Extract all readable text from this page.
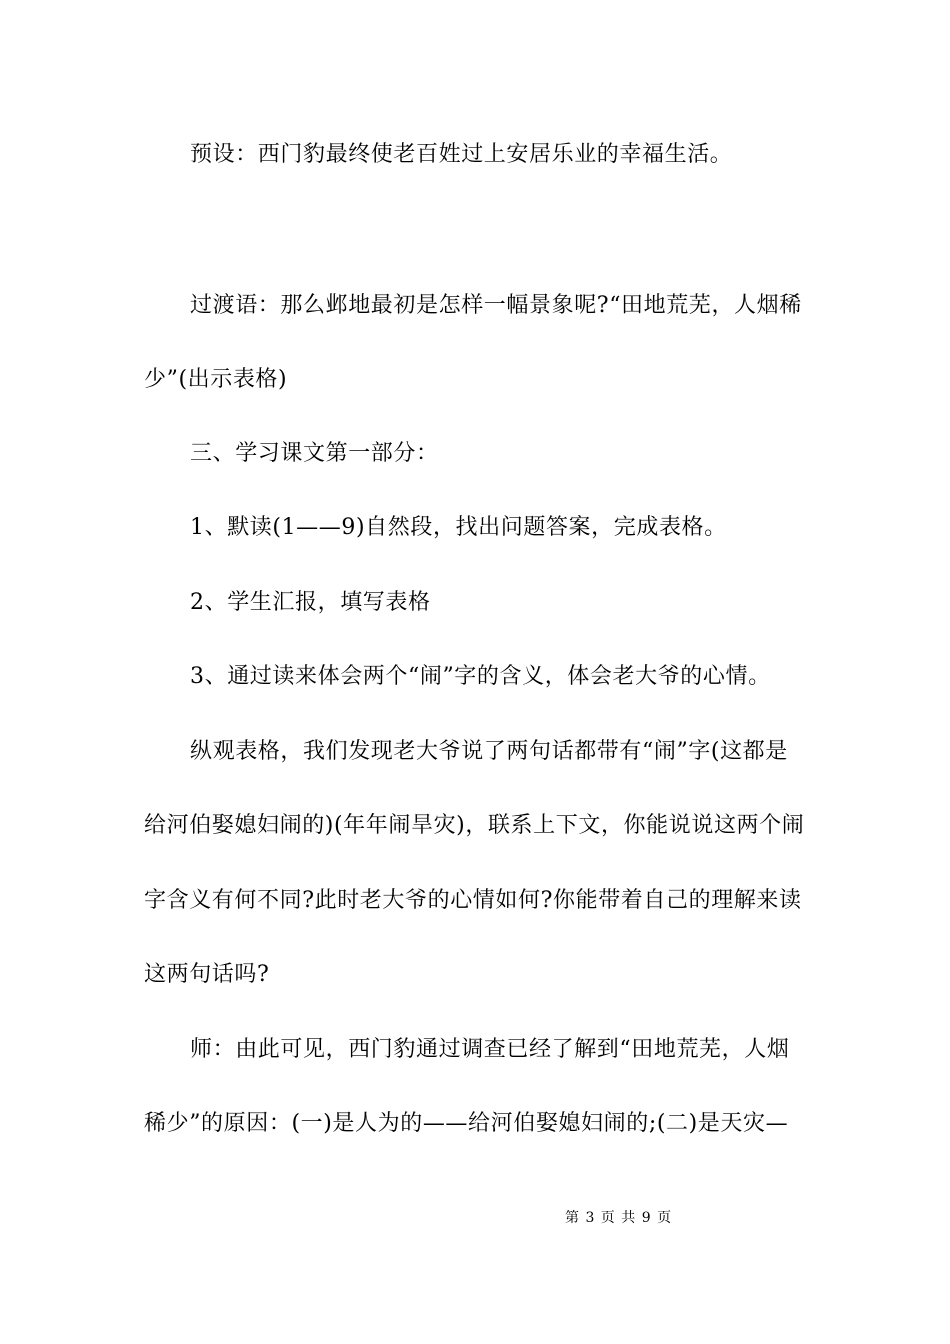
预设：西门豹最终使老百姓过上安居乐业的幸福生活。
过渡语：那么邺地最初是怎样一幅景象呢?“田地荒芜，人烟稀
少”(出示表格)
三、学习课文第一部分：
1、默读(1——9)自然段，找出问题答案，完成表格。
2、学生汇报，填写表格
3、通过读来体会两个“闹”字的含义，体会老大爷的心情。
纵观表格，我们发现老大爷说了两句话都带有“闹”字(这都是
给河伯娶媳妇闹的)(年年闹旱灾)，联系上下文，你能说说这两个闹
字含义有何不同?此时老大爷的心情如何?你能带着自己的理解来读
这两句话吗?
师：由此可见，西门豹通过调查已经了解到“田地荒芜，人烟
稀少”的原因：(一)是人为的——给河伯娶媳妇闹的;(二)是天灾—
第 3 页 共 9 页
